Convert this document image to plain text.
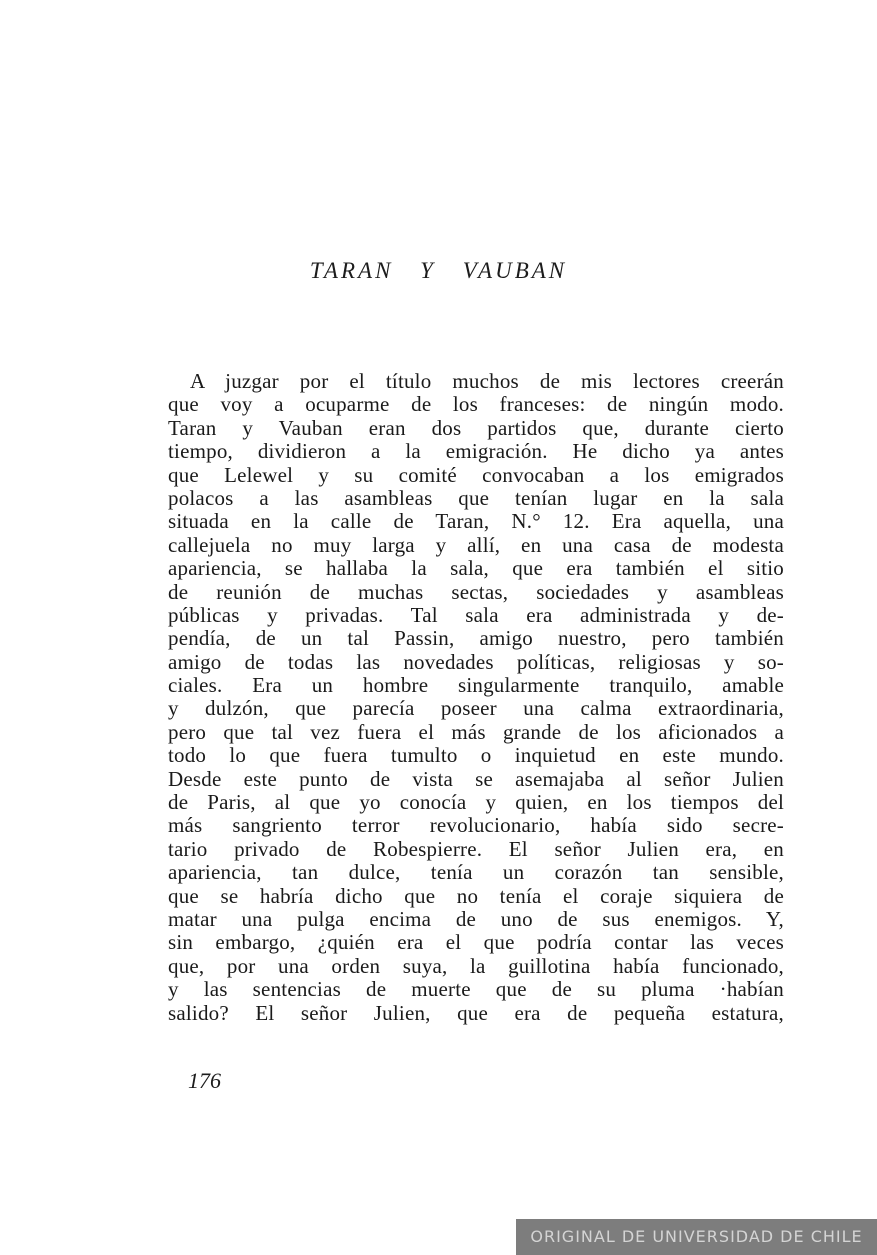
TARAN Y VAUBAN
A juzgar por el título muchos de mis lectores creerán
que voy a ocuparme de los franceses: de ningún modo.
Taran y Vauban eran dos partidos que, durante cierto
tiempo, dividieron a la emigración. He dicho ya antes
que Lelewel y su comité convocaban a los emigrados
polacos a las asambleas que tenían lugar en la sala
situada en la calle de Taran, N.° 12. Era aquella, una
callejuela no muy larga y allí, en una casa de modesta
apariencia, se hallaba la sala, que era también el sitio
de reunión de muchas sectas, sociedades y asambleas
públicas y privadas. Tal sala era administrada y de-
pendía, de un tal Passin, amigo nuestro, pero también
amigo de todas las novedades políticas, religiosas y so-
ciales. Era un hombre singularmente tranquilo, amable
y dulzón, que parecía poseer una calma extraordinaria,
pero que tal vez fuera el más grande de los aficionados a
todo lo que fuera tumulto o inquietud en este mundo.
Desde este punto de vista se asemajaba al señor Julien
de Paris, al que yo conocía y quien, en los tiempos del
más sangriento terror revolucionario, había sido secre-
tario privado de Robespierre. El señor Julien era, en
apariencia, tan dulce, tenía un corazón tan sensible,
que se habría dicho que no tenía el coraje siquiera de
matar una pulga encima de uno de sus enemigos. Y,
sin embargo, ¿quién era el que podría contar las veces
que, por una orden suya, la guillotina había funcionado,
y las sentencias de muerte que de su pluma ·habían
salido? El señor Julien, que era de pequeña estatura,
176
ORIGINAL DE UNIVERSIDAD DE CHILE
